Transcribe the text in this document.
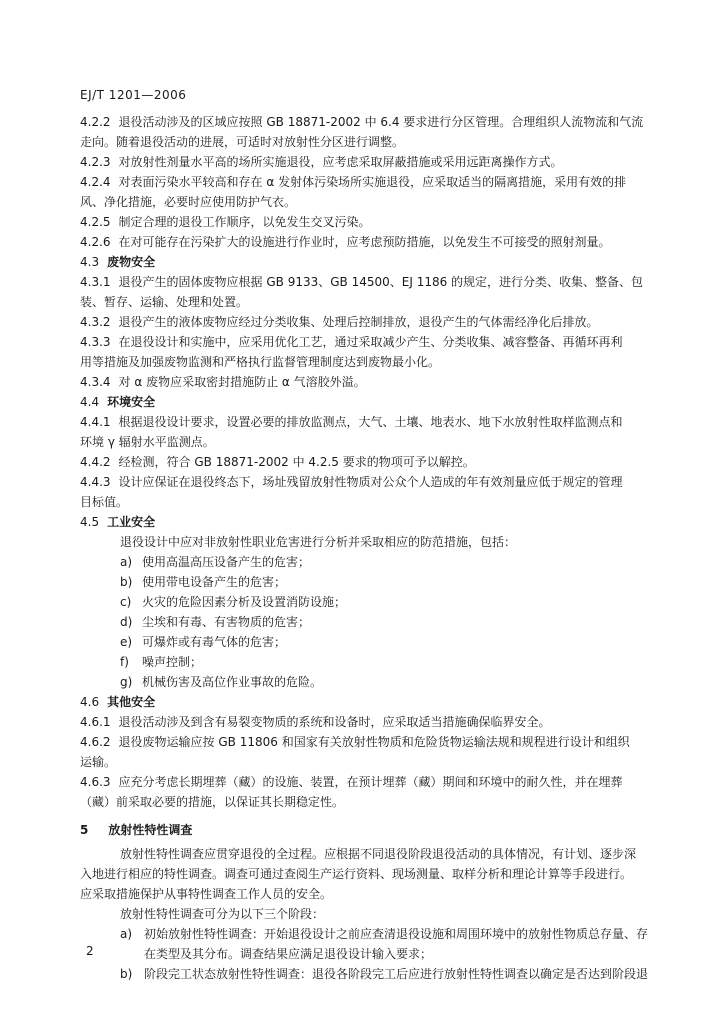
EJ/T 1201—2006

4.2.2 退役活动涉及的区域应按照 GB 18871-2002 中 6.4 要求进行分区管理。合理组织人流物流和气流

走向。随着退役活动的进展，可适时对放射性分区进行调整。

4.2.3 对放射性剂量水平高的场所实施退役，应考虑采取屏蔽措施或采用远距离操作方式。

4.2.4 对表面污染水平较高和存在 α 发射体污染场所实施退役，应采取适当的隔离措施，采用有效的排

风、净化措施，必要时应使用防护气衣。

4.2.5 制定合理的退役工作顺序，以免发生交叉污染。

4.2.6 在对可能存在污染扩大的设施进行作业时，应考虑预防措施，以免发生不可接受的照射剂量。

4.3 废物安全

4.3.1 退役产生的固体废物应根据 GB 9133、GB 14500、EJ 1186 的规定，进行分类、收集、整备、包

装、暂存、运输、处理和处置。

4.3.2 退役产生的液体废物应经过分类收集、处理后控制排放，退役产生的气体需经净化后排放。

4.3.3 在退役设计和实施中，应采用优化工艺，通过采取减少产生、分类收集、减容整备、再循环再利

用等措施及加强废物监测和严格执行监督管理制度达到废物最小化。

4.3.4 对 α 废物应采取密封措施防止 α 气溶胶外溢。

4.4 环境安全

4.4.1 根据退役设计要求，设置必要的排放监测点，大气、土壤、地表水、地下水放射性取样监测点和

环境 γ 辐射水平监测点。

4.4.2 经检测，符合 GB 18871-2002 中 4.2.5 要求的物项可予以解控。

4.4.3 设计应保证在退役终态下，场址残留放射性物质对公众个人造成的年有效剂量应低于规定的管理

目标值。

4.5 工业安全

退役设计中应对非放射性职业危害进行分析并采取相应的防范措施，包括：

a) 使用高温高压设备产生的危害；

b) 使用带电设备产生的危害；

c) 火灾的危险因素分析及设置消防设施；

d) 尘埃和有毒、有害物质的危害；

e) 可爆炸或有毒气体的危害；

f) 噪声控制；

g) 机械伤害及高位作业事故的危险。

4.6 其他安全

4.6.1 退役活动涉及到含有易裂变物质的系统和设备时，应采取适当措施确保临界安全。

4.6.2 退役废物运输应按 GB 11806 和国家有关放射性物质和危险货物运输法规和规程进行设计和组织

运输。

4.6.3 应充分考虑长期埋葬（藏）的设施、装置，在预计埋葬（藏）期间和环境中的耐久性，并在埋葬

（藏）前采取必要的措施，以保证其长期稳定性。

5 放射性特性调查

放射性特性调查应贯穿退役的全过程。应根据不同退役阶段退役活动的具体情况，有计划、逐步深

入地进行相应的特性调查。调查可通过查阅生产运行资料、现场测量、取样分析和理论计算等手段进行。

应采取措施保护从事特性调查工作人员的安全。

放射性特性调查可分为以下三个阶段：

a) 初始放射性特性调查：开始退役设计之前应查清退役设施和周围环境中的放射性物质总存量、存

在类型及其分布。调查结果应满足退役设计输入要求；

b) 阶段完工状态放射性特性调查：退役各阶段完工后应进行放射性特性调查以确定是否达到阶段退

2
